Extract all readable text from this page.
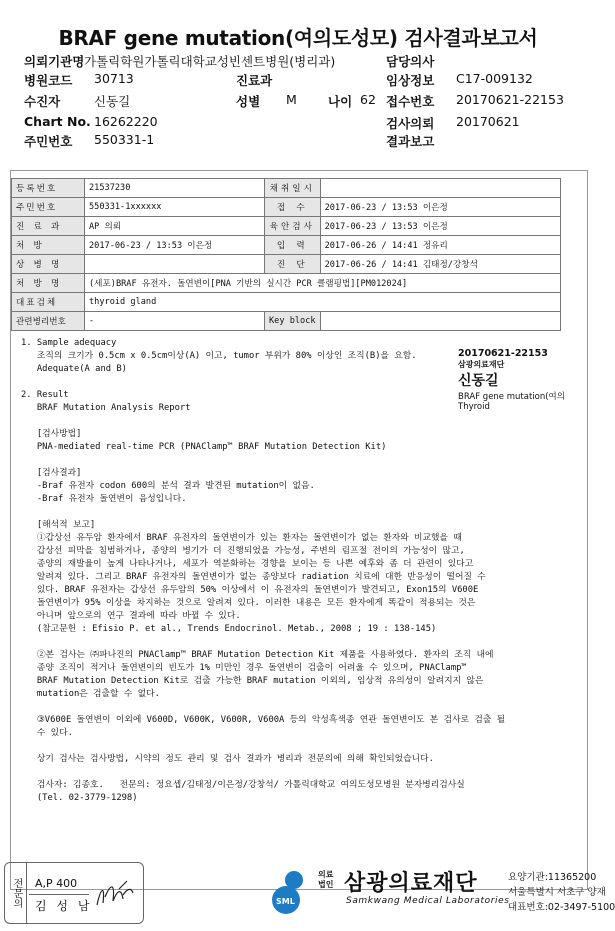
BRAF gene mutation(여의도성모) 검사결과보고서
의뢰기관명 가톨릭학원가톨릭대학교성빈센트병원(병리과)	담당의사
병원코드 30713	진료과	임상정보 C17-009132
수진자	신동길	성별 M 나이 62 접수번호 20170621-22153
Chart No. 16262220	검사의뢰 20170621
주민번호 550331-1	결과보고
등록번호	21537230	채취일시	
주민번호	550331-1xxxxxx	접 수	2017-06-23 / 13:53 이은정
진 료 과	AP 의뢰	육안검사	2017-06-23 / 13:53 이은정
처 방	2017-06-23 / 13:53 이은정	입 력	2017-06-26 / 14:41 정유리
상 병 명		진 단	2017-06-26 / 14:41 김태정/강창석
처 방 명	(세포)BRAF 유전자. 돌연변이[PNA 기반의 실시간 PCR 클램핑법][PM012024]		
대표검체	thyroid gland		
관련병리번호	-	Key block	
1. Sample adequacy
조직의 크기가 0.5cm x 0.5cm이상(A) 이고, tumor 부위가 80% 이상인 조직(B)을 요함.
Adequate(A and B)
2. Result
BRAF Mutation Analysis Report
[검사방법]
PNA-mediated real-time PCR (PNAClamp™ BRAF Mutation Detection Kit)
[검사결과]
-Braf 유전자 codon 600의 분석 결과 발견된 mutation이 없음.
-Braf 유전자 돌연변이 음성입니다.
[해석적 보고]
①갑상선 유두암 환자에서 BRAF 유전자의 돌연변이가 있는 환자는 돌연변이가 없는 환자와 비교했을 때
갑상선 피막을 침범하거나, 종양의 병기가 더 진행되었을 가능성, 주변의 림프절 전이의 가능성이 많고,
종양의 재발율이 높게 나타나거나, 세포가 역분화하는 경향을 보이는 등 나쁜 예후와 좀 더 관련이 있다고
알려져 있다. 그리고 BRAF 유전자의 돌연변이가 없는 종양보다 radiation 치료에 대한 반응성이 떨어질 수
있다. BRAF 유전자는 갑상선 유두암의 50% 이상에서 이 유전자의 돌연변이가 발견되고, Exon15의 V600E
돌연변이가 95% 이상을 차지하는 것으로 알려져 있다. 이러한 내용은 모든 환자에게 똑같이 적용되는 것은
아니며 앞으로의 연구 결과에 따라 바뀔 수 있다.
(참고문헌 : Efisio P. et al., Trends Endocrinol. Metab., 2008 ; 19 : 138-145)
②본 검사는 ㈜파나진의 PNAClamp™ BRAF Mutation Detection Kit 제품을 사용하였다. 환자의 조직 내에
종양 조직이 적거나 돌연변이의 빈도가 1% 미만인 경우 돌연변이 검출이 어려울 수 있으며, PNAClamp™
BRAF Mutation Detection Kit로 검출 가능한 BRAF mutation 이외의, 임상적 유의성이 알려지지 않은
mutation은 검출할 수 없다.
③V600E 돌연변이 이외에 V600D, V600K, V600R, V600A 등의 악성흑색종 연관 돌연변이도 본 검사로 검출 될
수 있다.
상기 검사는 검사방법, 시약의 정도 관리 및 검사 결과가 병리과 전문의에 의해 확인되었습니다.
검사자: 김종호.   전문의: 정요셉/김태정/이은정/강창석/ 가톨릭대학교 여의도성모병원 분자병리검사실
(Tel. 02-3779-1298)
20170621-22153
삼광의료재단
신동길
BRAF gene mutation(여의
Thyroid
전문의	A,P 400
김 성 남	SML
의료 법인 삼광의료재단
Samkwang Medical Laboratories
요양기관:11365200
서울특별시 서초구 양재
대표번호:02-3497-5100
